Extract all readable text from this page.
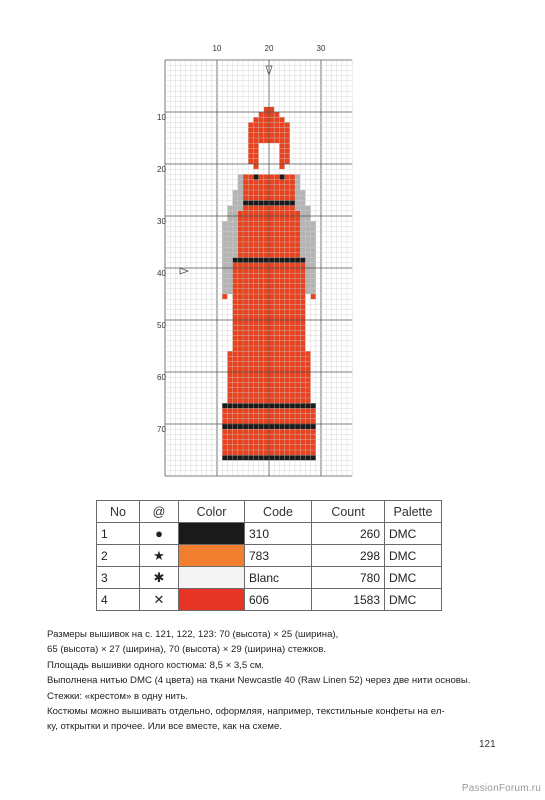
10	20	30
10
20
30
40
50
60
70
No	@	Color	Code	Count	Palette
1	●		310	260	DMC
2	★		783	298	DMC
3	✱		Blanc	780	DMC
4	✕		606	1583	DMC

Размеры вышивок на с. 121, 122, 123: 70 (высота) × 25 (ширина),

65 (высота) × 27 (ширина), 70 (высота) × 29 (ширина) стежков.

Площадь вышивки одного костюма: 8,5 × 3,5 см.

Выполнена нитью DMC (4 цвета) на ткани Newcastle 40 (Raw Linen 52) через две нити основы.

Стежки: «крестом» в одну нить.

Костюмы можно вышивать отдельно, оформляя, например, текстильные конфеты на ел-

ку, открытки и прочее. Или все вместе, как на схеме.

121
PassionForum.ru
